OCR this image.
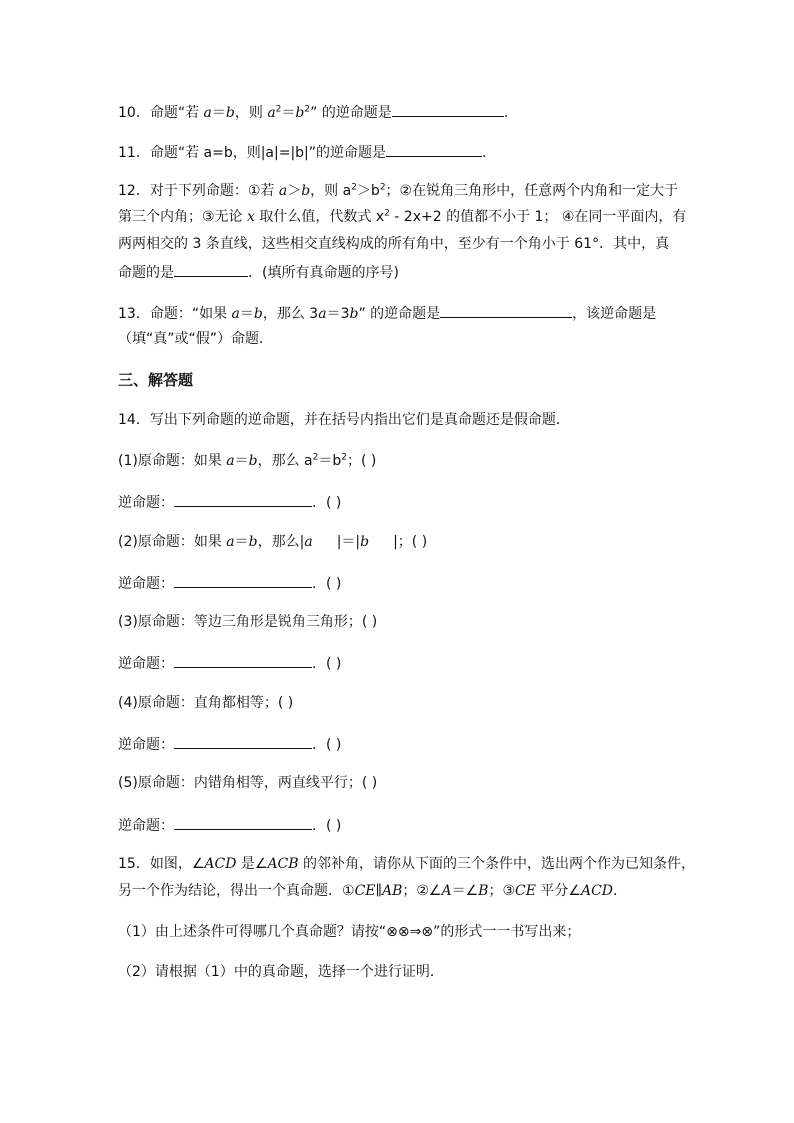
10．命题“若 a＝b，则 $a^2=b^2$” 的逆命题是	.
11．命题“若 a=b，则|a|=|b|”的逆命题是	.
12．对于下列命题：①若 a＞b，则 $a^2>b^2$；②在锐角三角形中，任意两个内角和一定大于
第三个内角；③无论 x 取什么值，代数式 $x^2 - 2x+2$ 的值都不小于 1； ④在同一平面内，有
两两相交的 3 条直线，这些相交直线构成的所有角中，至少有一个角小于 61°．其中，真
命题的是	．(填所有真命题的序号)
13．命题：“如果 a＝b，那么 3a＝3b” 的逆命题是	，该逆命题是
（填“真”或“假”）命题．
三、解答题
14．写出下列命题的逆命题，并在括号内指出它们是真命题还是假命题．
(1)原命题：如果 a＝b，那么 $a^2=b^2$；( )
逆命题：	．( )
(2)原命题：如果 a＝b，那么|a |＝|b |；( )
逆命题：	．( )
(3)原命题：等边三角形是锐角三角形；( )
逆命题：	．( )
(4)原命题：直角都相等；( )
逆命题：	．( )
(5)原命题：内错角相等，两直线平行；( )
逆命题：	．( )
15．如图，∠ACD 是∠ACB 的邻补角，请你从下面的三个条件中，选出两个作为已知条件，
另一个作为结论，得出一个真命题．①CE∥AB；②∠A＝∠B；③CE 平分∠ACD．
（1）由上述条件可得哪几个真命题？请按“⊗⊗⇒⊗”的形式一一书写出来；
（2）请根据（1）中的真命题，选择一个进行证明．
